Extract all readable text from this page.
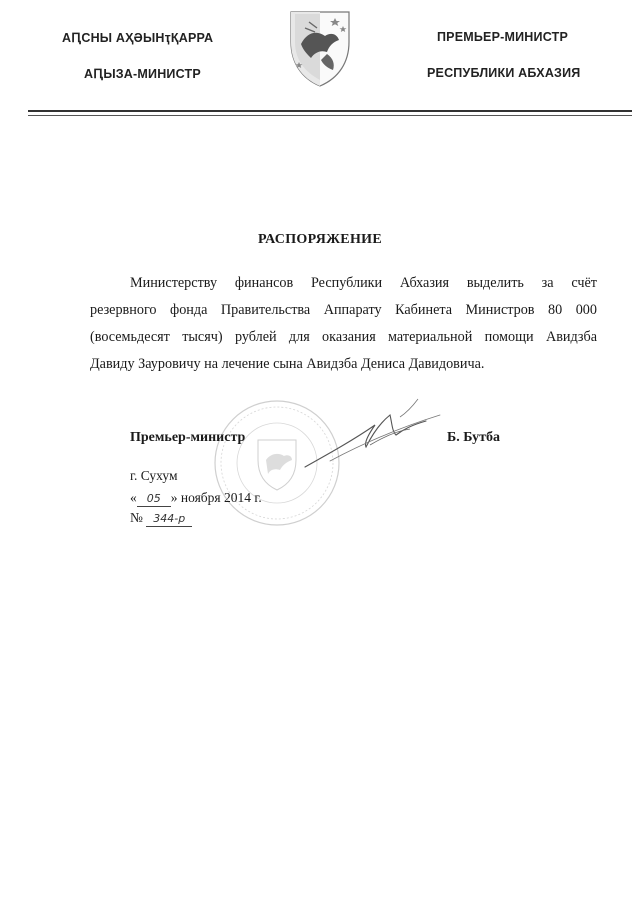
АԤСНЫ АҲӘЫНҭҚАРРА
АԤЫЗА-МИНИСТР
ПРЕМЬЕР-МИНИСТР
РЕСПУБЛИКИ АБХАЗИЯ
РАСПОРЯЖЕНИЕ
Министерству финансов Республики Абхазия выделить за счёт
резервного фонда Правительства Аппарату Кабинета Министров 80 000
(восемьдесят тысяч) рублей для оказания материальной помощи Авидзба
Давиду Зауровичу на лечение сына Авидзба Дениса Давидовича.
Премьер-министр	Б. Бутба
г. Сухум
« 05 » ноября 2014 г.
№ 344-р
